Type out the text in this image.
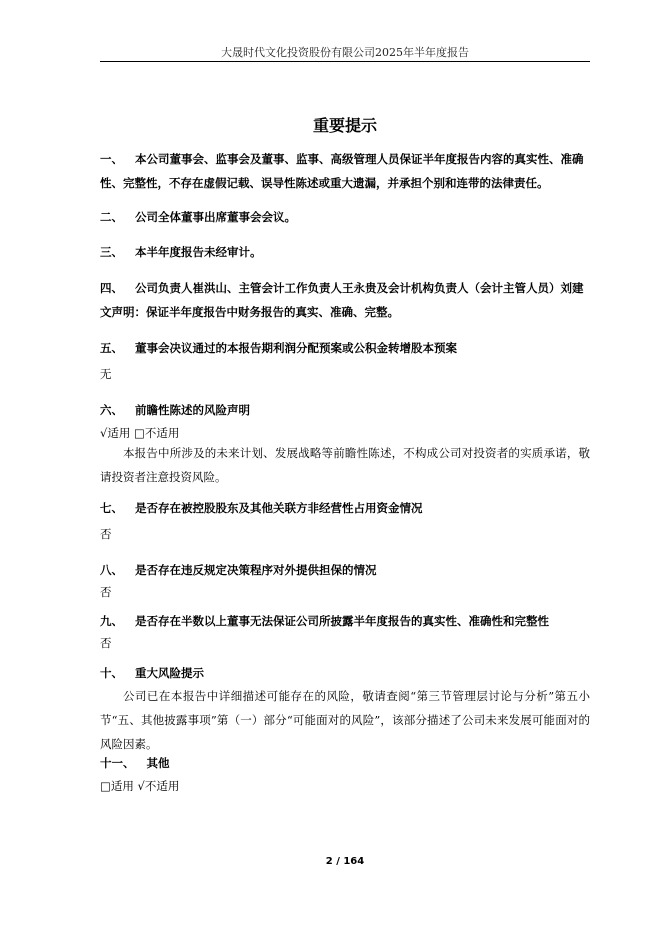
大晟时代文化投资股份有限公司2025年半年度报告
重要提示
一、 本公司董事会、监事会及董事、监事、高级管理人员保证半年度报告内容的真实性、准确性、完整性，不存在虚假记载、误导性陈述或重大遗漏，并承担个别和连带的法律责任。
二、 公司全体董事出席董事会会议。
三、 本半年度报告未经审计。
四、 公司负责人崔洪山、主管会计工作负责人王永贵及会计机构负责人（会计主管人员）刘建文声明：保证半年度报告中财务报告的真实、准确、完整。
五、 董事会决议通过的本报告期利润分配预案或公积金转增股本预案
无
六、 前瞻性陈述的风险声明
√适用 □不适用
本报告中所涉及的未来计划、发展战略等前瞻性陈述，不构成公司对投资者的实质承诺，敬请投资者注意投资风险。
七、 是否存在被控股股东及其他关联方非经营性占用资金情况
否
八、 是否存在违反规定决策程序对外提供担保的情况
否
九、 是否存在半数以上董事无法保证公司所披露半年度报告的真实性、准确性和完整性
否
十、 重大风险提示
公司已在本报告中详细描述可能存在的风险，敬请查阅“第三节管理层讨论与分析”第五小节“五、其他披露事项”第（一）部分“可能面对的风险”，该部分描述了公司未来发展可能面对的风险因素。
十一、 其他
□适用 √不适用
2 / 164
